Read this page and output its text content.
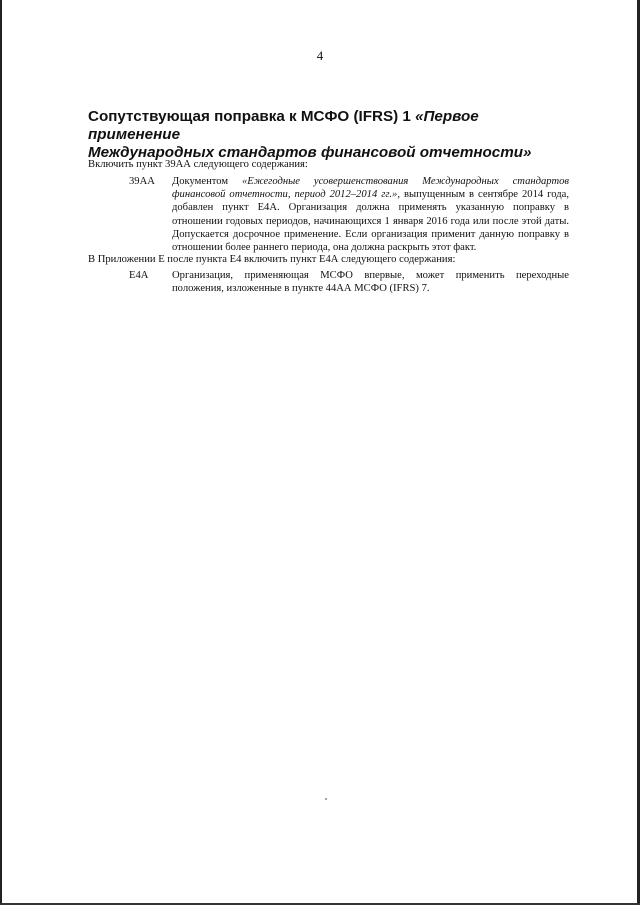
4
Сопутствующая поправка к МСФО (IFRS) 1 «Первое применение
Международных стандартов финансовой отчетности»
Включить пункт 39АА следующего содержания:
39АА Документом «Ежегодные усовершенствования Международных стандартов финансовой отчетности, период 2012–2014 гг.», выпущенным в сентябре 2014 года, добавлен пункт Е4А. Организация должна применять указанную поправку в отношении годовых периодов, начинающихся 1 января 2016 года или после этой даты. Допускается досрочное применение. Если организация применит данную поправку в отношении более раннего периода, она должна раскрыть этот факт.
В Приложении Е после пункта Е4 включить пункт Е4А следующего содержания:
Е4А Организация, применяющая МСФО впервые, может применить переходные положения, изложенные в пункте 44АА МСФО (IFRS) 7.
